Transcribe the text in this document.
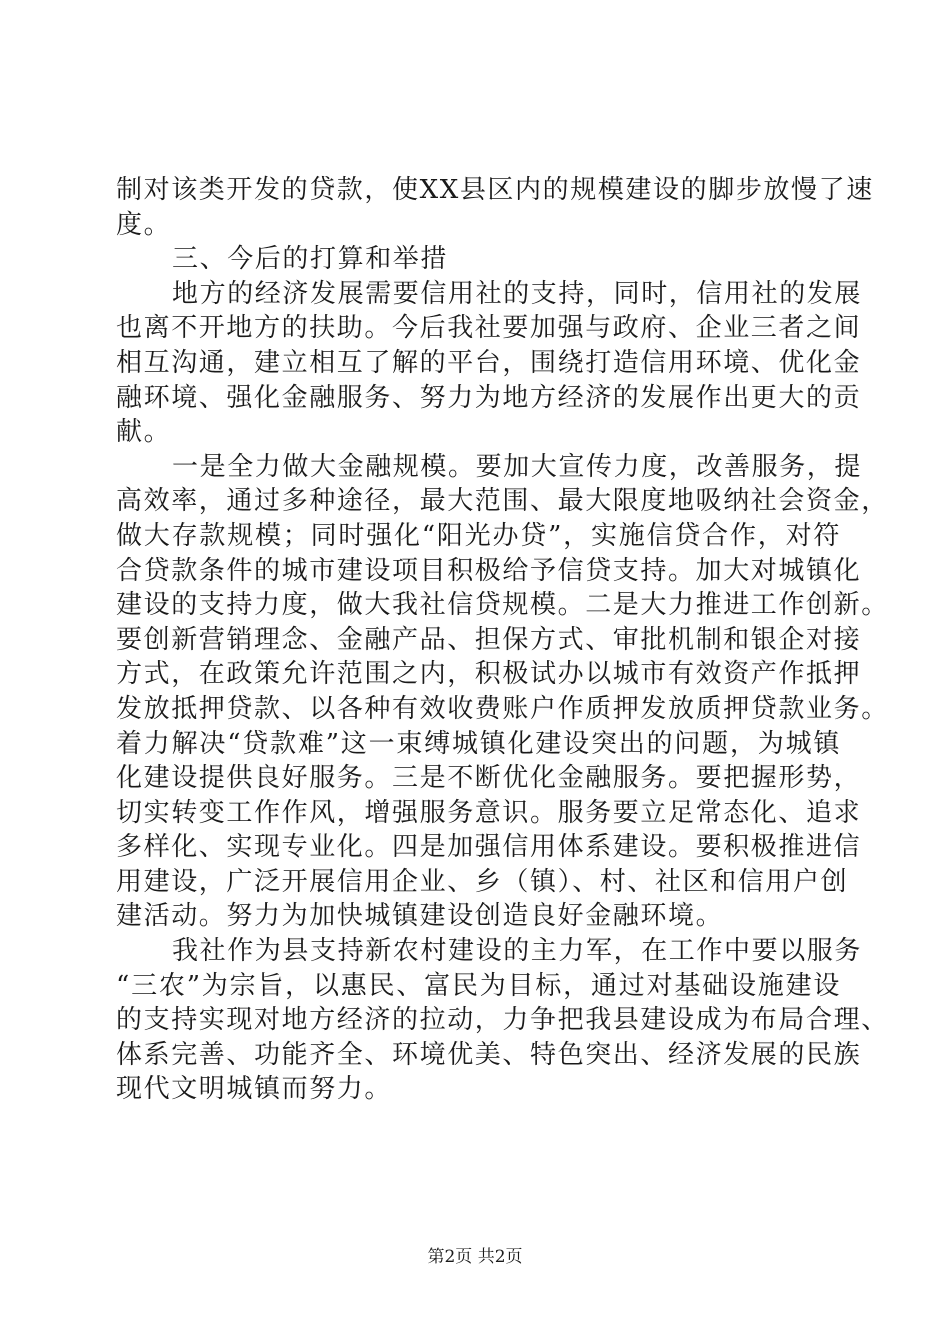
制对该类开发的贷款，使XX县区内的规模建设的脚步放慢了速
度。
三、今后的打算和举措
地方的经济发展需要信用社的支持，同时，信用社的发展
也离不开地方的扶助。今后我社要加强与政府、企业三者之间
相互沟通，建立相互了解的平台，围绕打造信用环境、优化金
融环境、强化金融服务、努力为地方经济的发展作出更大的贡
献。
一是全力做大金融规模。要加大宣传力度，改善服务，提
高效率，通过多种途径，最大范围、最大限度地吸纳社会资金，
做大存款规模；同时强化“阳光办贷”，实施信贷合作，对符
合贷款条件的城市建设项目积极给予信贷支持。加大对城镇化
建设的支持力度，做大我社信贷规模。二是大力推进工作创新。
要创新营销理念、金融产品、担保方式、审批机制和银企对接
方式，在政策允许范围之内，积极试办以城市有效资产作抵押
发放抵押贷款、以各种有效收费账户作质押发放质押贷款业务。
着力解决“贷款难”这一束缚城镇化建设突出的问题，为城镇
化建设提供良好服务。三是不断优化金融服务。要把握形势，
切实转变工作作风，增强服务意识。服务要立足常态化、追求
多样化、实现专业化。四是加强信用体系建设。要积极推进信
用建设，广泛开展信用企业、乡（镇）、村、社区和信用户创
建活动。努力为加快城镇建设创造良好金融环境。
我社作为县支持新农村建设的主力军，在工作中要以服务
“三农”为宗旨，以惠民、富民为目标，通过对基础设施建设
的支持实现对地方经济的拉动，力争把我县建设成为布局合理、
体系完善、功能齐全、环境优美、特色突出、经济发展的民族
现代文明城镇而努力。
第2页 共2页
